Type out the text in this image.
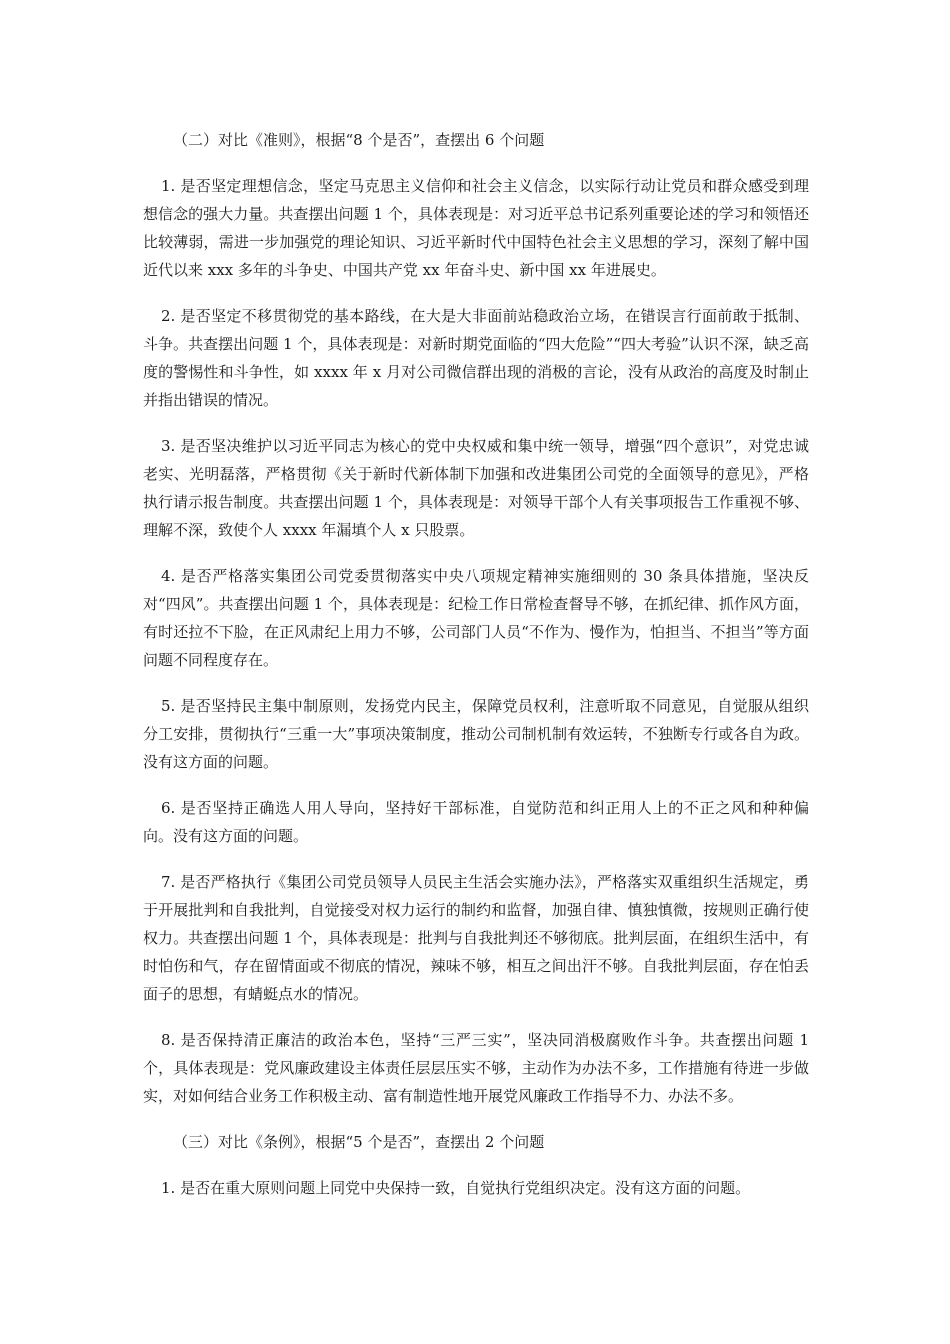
（二）对比《准则》，根据“8 个是否”，查摆出 6 个问题

1. 是否坚定理想信念，坚定马克思主义信仰和社会主义信念，以实际行动让党员和群众感受到理想信念的强大力量。共查摆出问题 1 个，具体表现是：对习近平总书记系列重要论述的学习和领悟还比较薄弱，需进一步加强党的理论知识、习近平新时代中国特色社会主义思想的学习，深刻了解中国近代以来 xxx 多年的斗争史、中国共产党 xx 年奋斗史、新中国 xx 年进展史。

2. 是否坚定不移贯彻党的基本路线，在大是大非面前站稳政治立场，在错误言行面前敢于抵制、斗争。共查摆出问题 1 个，具体表现是：对新时期党面临的“四大危险”“四大考验”认识不深，缺乏高度的警惕性和斗争性，如 xxxx 年 x 月对公司微信群出现的消极的言论，没有从政治的高度及时制止并指出错误的情况。

3. 是否坚决维护以习近平同志为核心的党中央权威和集中统一领导，增强“四个意识”，对党忠诚老实、光明磊落，严格贯彻《关于新时代新体制下加强和改进集团公司党的全面领导的意见》，严格执行请示报告制度。共查摆出问题 1 个，具体表现是：对领导干部个人有关事项报告工作重视不够、理解不深，致使个人 xxxx 年漏填个人 x 只股票。

4. 是否严格落实集团公司党委贯彻落实中央八项规定精神实施细则的 30 条具体措施，坚决反对“四风”。共查摆出问题 1 个，具体表现是：纪检工作日常检查督导不够，在抓纪律、抓作风方面，有时还拉不下脸，在正风肃纪上用力不够，公司部门人员“不作为、慢作为，怕担当、不担当”等方面问题不同程度存在。

5. 是否坚持民主集中制原则，发扬党内民主，保障党员权利，注意听取不同意见，自觉服从组织分工安排，贯彻执行“三重一大”事项决策制度，推动公司制机制有效运转，不独断专行或各自为政。没有这方面的问题。

6. 是否坚持正确选人用人导向，坚持好干部标准，自觉防范和纠正用人上的不正之风和种种偏向。没有这方面的问题。

7. 是否严格执行《集团公司党员领导人员民主生活会实施办法》，严格落实双重组织生活规定，勇于开展批判和自我批判，自觉接受对权力运行的制约和监督，加强自律、慎独慎微，按规则正确行使权力。共查摆出问题 1 个，具体表现是：批判与自我批判还不够彻底。批判层面，在组织生活中，有时怕伤和气，存在留情面或不彻底的情况，辣味不够，相互之间出汗不够。自我批判层面，存在怕丢面子的思想，有蜻蜓点水的情况。

8. 是否保持清正廉洁的政治本色，坚持“三严三实”，坚决同消极腐败作斗争。共查摆出问题 1 个，具体表现是：党风廉政建设主体责任层层压实不够，主动作为办法不多，工作措施有待进一步做实，对如何结合业务工作积极主动、富有制造性地开展党风廉政工作指导不力、办法不多。

（三）对比《条例》，根据“5 个是否”，查摆出 2 个问题

1. 是否在重大原则问题上同党中央保持一致，自觉执行党组织决定。没有这方面的问题。
